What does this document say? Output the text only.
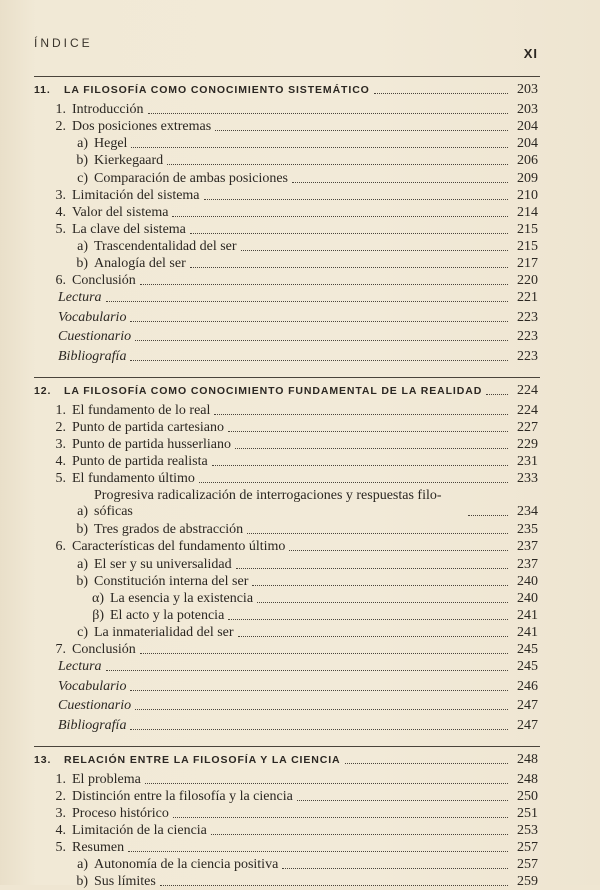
ÍNDICE
XI
11.	LA FILOSOFÍA COMO CONOCIMIENTO SISTEMÁTICO	203
1. Introducción	203
2. Dos posiciones extremas	204
a) Hegel	204
b) Kierkegaard	206
c) Comparación de ambas posiciones	209
3. Limitación del sistema	210
4. Valor del sistema	214
5. La clave del sistema	215
a) Trascendentalidad del ser	215
b) Analogía del ser	217
6. Conclusión	220
Lectura	221
Vocabulario	223
Cuestionario	223
Bibliografía	223
12.	LA FILOSOFÍA COMO CONOCIMIENTO FUNDAMENTAL DE LA REALIDAD	224
1. El fundamento de lo real	224
2. Punto de partida cartesiano	227
3. Punto de partida husserliano	229
4. Punto de partida realista	231
5. El fundamento último	233
a)
Progresiva radicalización de interrogaciones y respuestas filo-sóficas	234
b) Tres grados de abstracción	235
6. Características del fundamento último	237
a) El ser y su universalidad	237
b) Constitución interna del ser	240
α) La esencia y la existencia	240
β) El acto y la potencia	241
c) La inmaterialidad del ser	241
7. Conclusión	245
Lectura	245
Vocabulario	246
Cuestionario	247
Bibliografía	247
13.	RELACIÓN ENTRE LA FILOSOFÍA Y LA CIENCIA	248
1. El problema	248
2. Distinción entre la filosofía y la ciencia	250
3. Proceso histórico	251
4. Limitación de la ciencia	253
5. Resumen	257
a) Autonomía de la ciencia positiva	257
b) Sus límites	259
